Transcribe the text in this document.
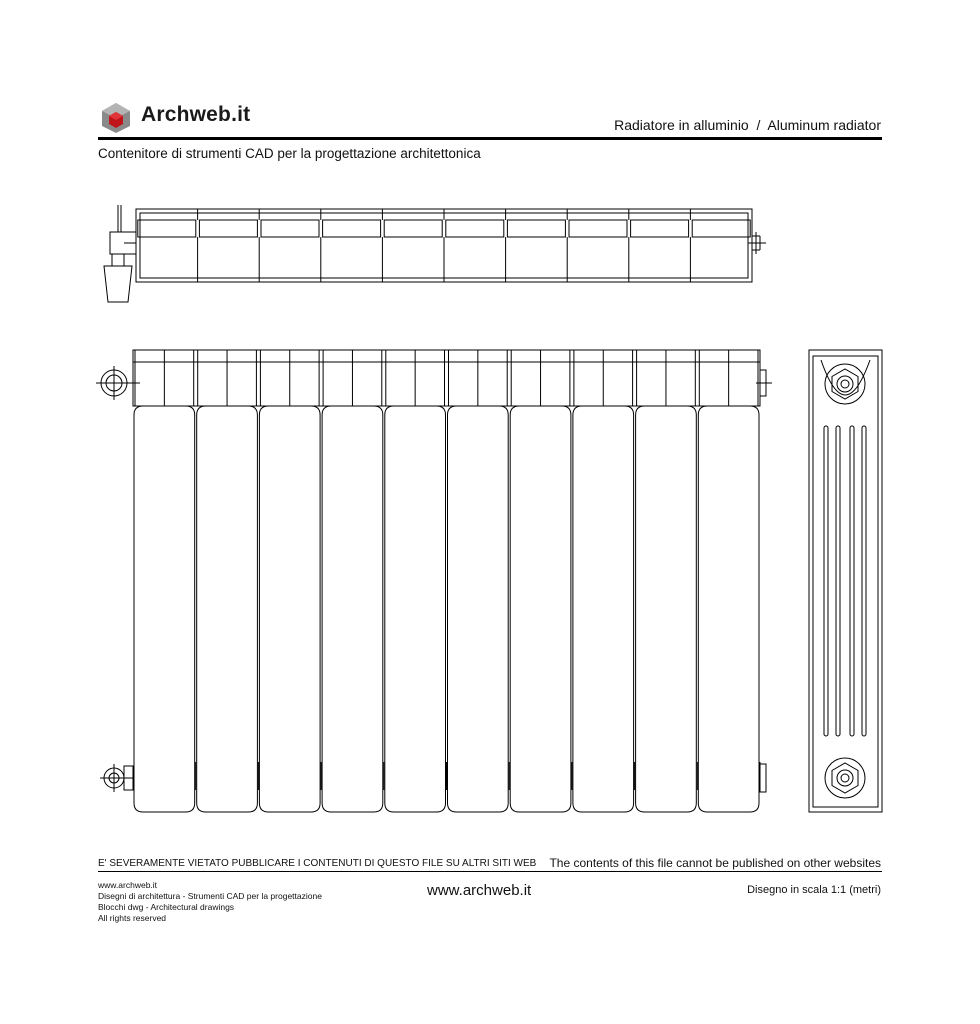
Archweb.it	Radiatore in alluminio  /  Aluminum radiator
Contenitore di strumenti CAD per la progettazione architettonica
E' SEVERAMENTE VIETATO PUBBLICARE I CONTENUTI DI QUESTO FILE SU ALTRI SITI WEB The contents of this file cannot be published on other websites
www.archweb.it
Disegni di architettura - Strumenti CAD per la progettazione
Blocchi dwg - Architectural drawings
All rights reserved
www.archweb.it	Disegno in scala 1:1 (metri)
